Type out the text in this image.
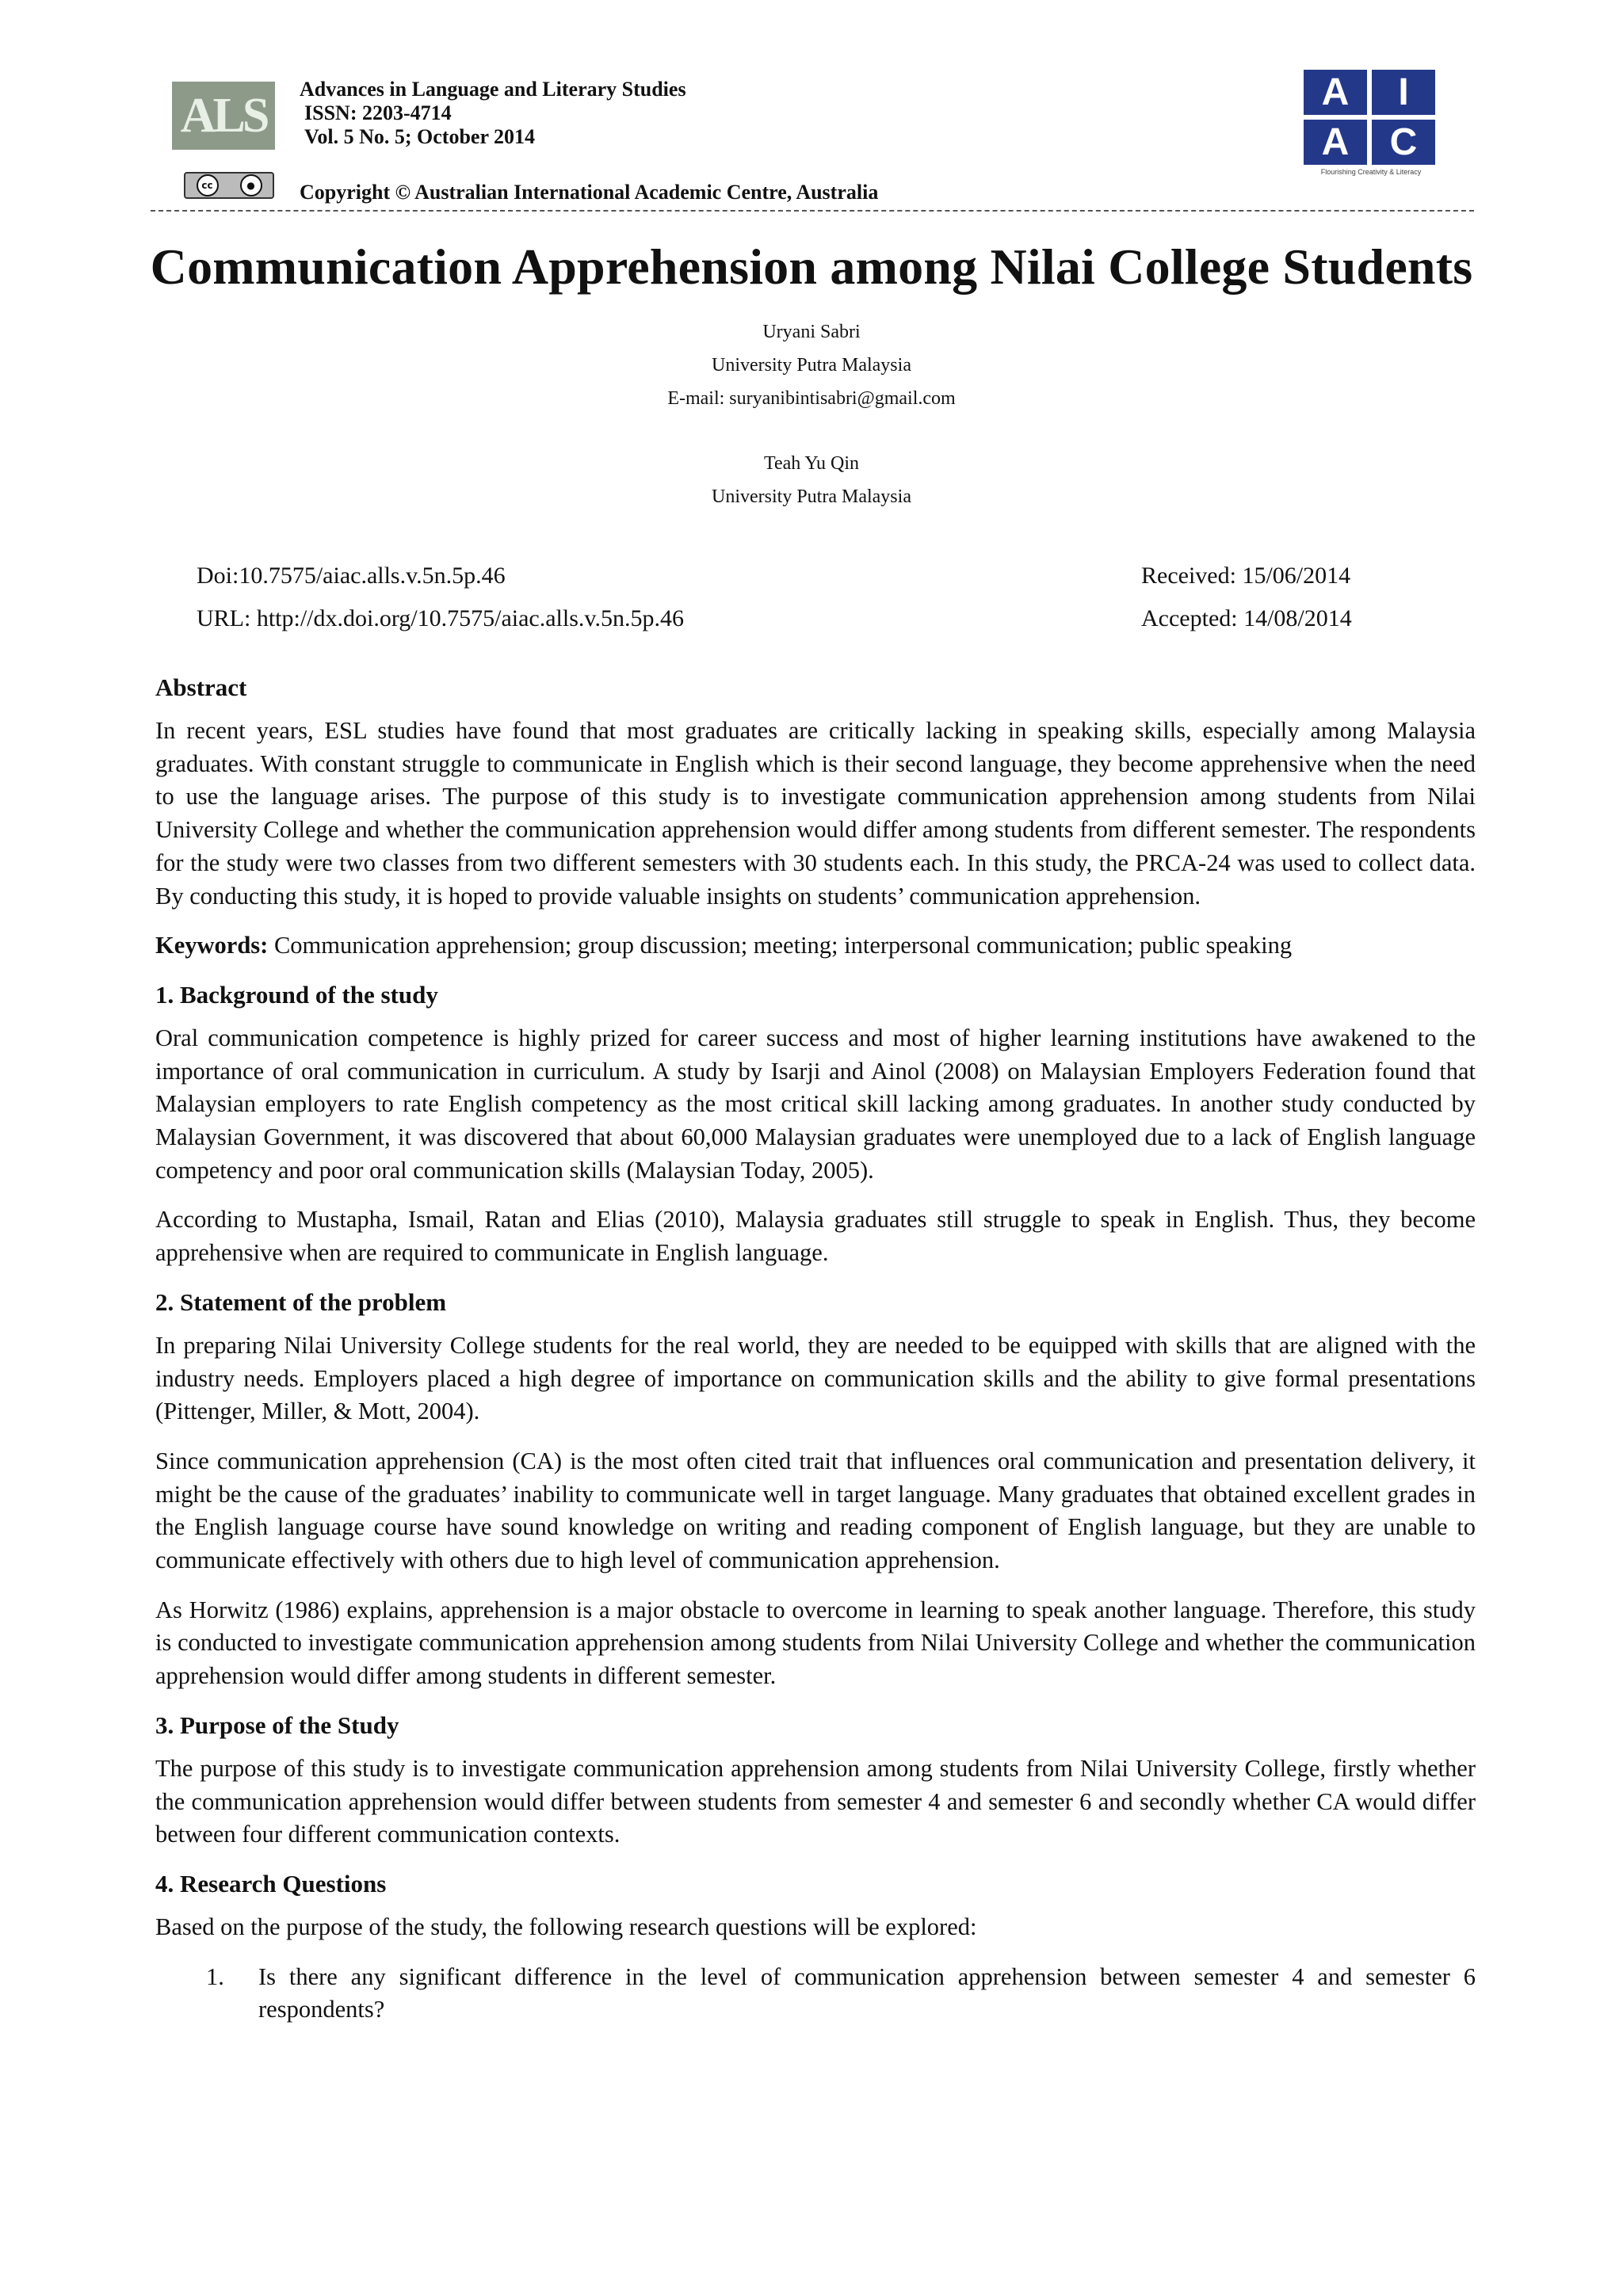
ALS
cc	●
Advances in Language and Literary Studies
ISSN: 2203-4714
Vol. 5 No. 5; October 2014
Copyright © Australian International Academic Centre, Australia
A	I
A	C
Flourishing Creativity & Literacy
Communication Apprehension among Nilai College Students
Uryani Sabri
University Putra Malaysia
E-mail: suryanibintisabri@gmail.com
Teah Yu Qin
University Putra Malaysia
Doi:10.7575/aiac.alls.v.5n.5p.46
URL: http://dx.doi.org/10.7575/aiac.alls.v.5n.5p.46
Received: 15/06/2014
Accepted: 14/08/2014
Abstract

In recent years, ESL studies have found that most graduates are critically lacking in speaking skills, especially among Malaysia graduates. With constant struggle to communicate in English which is their second language, they become apprehensive when the need to use the language arises. The purpose of this study is to investigate communication apprehension among students from Nilai University College and whether the communication apprehension would differ among students from different semester. The respondents for the study were two classes from two different semesters with 30 students each. In this study, the PRCA-24 was used to collect data. By conducting this study, it is hoped to provide valuable insights on students’ communication apprehension.

Keywords: Communication apprehension; group discussion; meeting; interpersonal communication; public speaking

1. Background of the study

Oral communication competence is highly prized for career success and most of higher learning institutions have awakened to the importance of oral communication in curriculum. A study by Isarji and Ainol (2008) on Malaysian Employers Federation found that Malaysian employers to rate English competency as the most critical skill lacking among graduates. In another study conducted by Malaysian Government, it was discovered that about 60,000 Malaysian graduates were unemployed due to a lack of English language competency and poor oral communication skills (Malaysian Today, 2005).

According to Mustapha, Ismail, Ratan and Elias (2010), Malaysia graduates still struggle to speak in English. Thus, they become apprehensive when are required to communicate in English language.

2. Statement of the problem

In preparing Nilai University College students for the real world, they are needed to be equipped with skills that are aligned with the industry needs. Employers placed a high degree of importance on communication skills and the ability to give formal presentations (Pittenger, Miller, & Mott, 2004).

Since communication apprehension (CA) is the most often cited trait that influences oral communication and presentation delivery, it might be the cause of the graduates’ inability to communicate well in target language. Many graduates that obtained excellent grades in the English language course have sound knowledge on writing and reading component of English language, but they are unable to communicate effectively with others due to high level of communication apprehension.

As Horwitz (1986) explains, apprehension is a major obstacle to overcome in learning to speak another language. Therefore, this study is conducted to investigate communication apprehension among students from Nilai University College and whether the communication apprehension would differ among students in different semester.

3. Purpose of the Study

The purpose of this study is to investigate communication apprehension among students from Nilai University College, firstly whether the communication apprehension would differ between students from semester 4 and semester 6 and secondly whether CA would differ between four different communication contexts.

4. Research Questions

Based on the purpose of the study, the following research questions will be explored:

1.	Is there any significant difference in the level of communication apprehension between semester 4 and semester 6 respondents?
